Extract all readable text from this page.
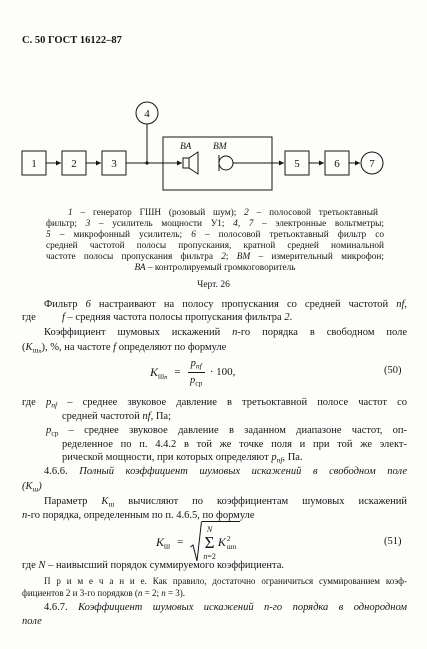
С. 50 ГОСТ 16122–87
1	2	3
4
5	6	7
ВА ВМ
1 – генератор ГШН (розовый шум); 2 – полосовой третьоктавный
фильтр; 3 – усилитель мощности У1; 4, 7 – электронные вольтметры;
5 – микрофонный усилитель; 6 – полосовой третьоктавный фильтр со
средней частотой полосы пропускания, кратной средней номинальной
частоте полосы пропускания фильтра 2; ВМ – измерительный микрофон;
ВА – контролируемый громкоговоритель
Черт. 26
Фильтр 6 настраивают на полосу пропускания со средней частотой nf,
где f – средняя частота полосы пропускания фильтра 2.
Коэффициент шумовых искажений n-го порядка в свободном поле
$(K_{шn})$, %, на частоте f определяют по формуле
$K_{шn} = \frac{p_{nf}}{p_{ср}} \cdot 100$,	(50)
где $p_{nf}$ – среднее звуковое давление в третьоктавной полосе частот со
средней частотой nf, Па;
$p_{ср}$ – среднее звуковое давление в заданном диапазоне частот, оп-
ределенное по п. 4.4.2 в той же точке поля и при той же элект-
рической мощности, при которых определяют $p_{nf}$, Па.
4.6.6. Полный коэффициент шумовых искажений в свободном поле
$(K_ш)$
Параметр $K_ш$ вычисляют по коэффициентам шумовых искажений
n-го порядка, определенным по п. 4.6.5, по формуле
$K_ш$ =
N
Σ
n=2
K 2
шn	(51)
где N – наивысший порядок суммируемого коэффициента.
П р и м е ч а н и е. Как правило, достаточно ограничиться суммированием коэф-
фициентов 2 и 3-го порядков (n = 2; n = 3).
4.6.7. Коэффициент шумовых искажений n-го порядка в однородном
поле
